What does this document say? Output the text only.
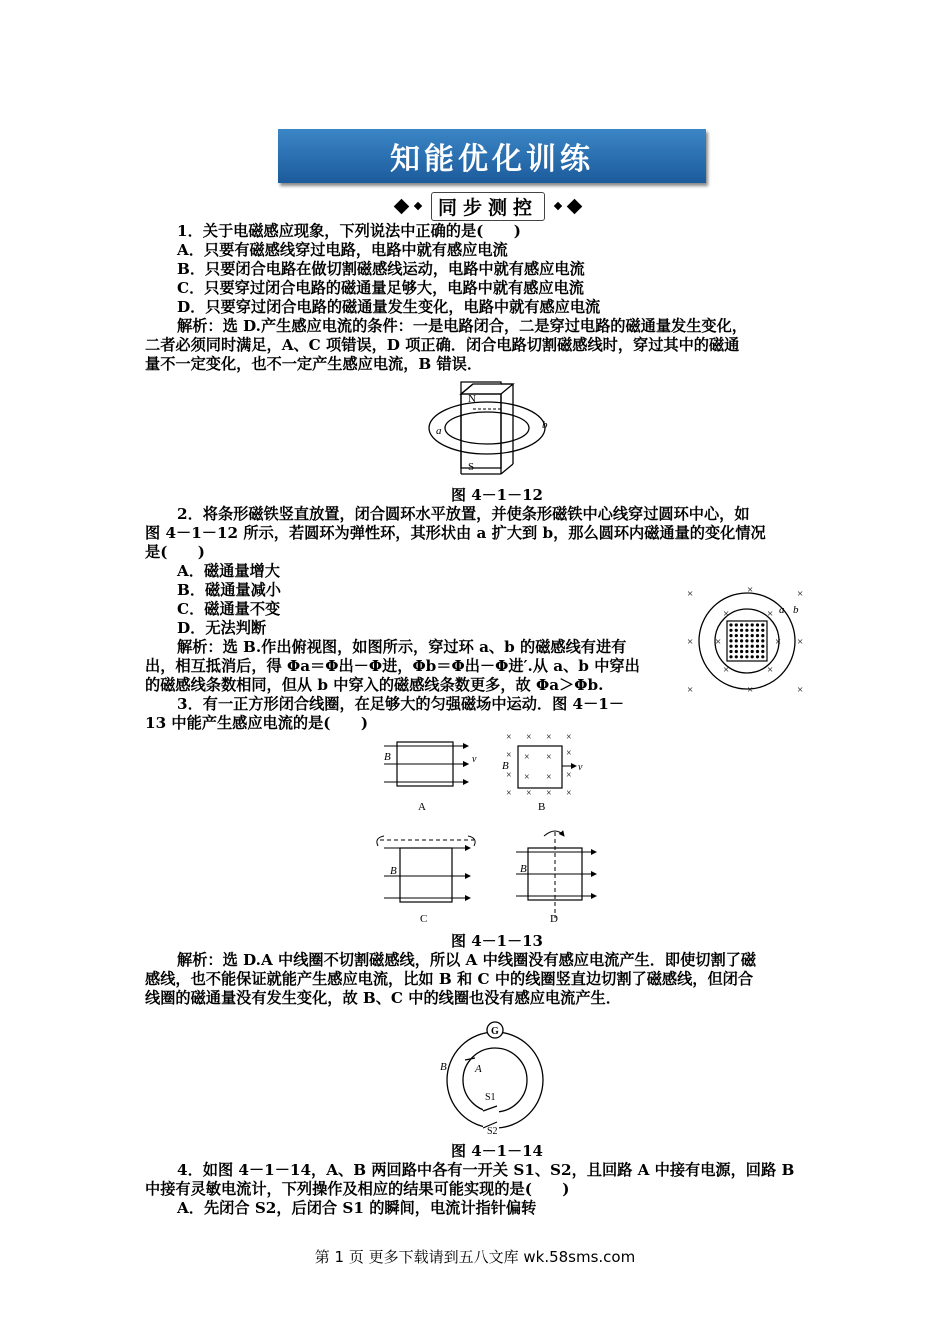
知能优化训练
同步测控
1．关于电磁感应现象，下列说法中正确的是(　　)
A．只要有磁感线穿过电路，电路中就有感应电流
B．只要闭合电路在做切割磁感线运动，电路中就有感应电流
C．只要穿过闭合电路的磁通量足够大，电路中就有感应电流
D．只要穿过闭合电路的磁通量发生变化，电路中就有感应电流
解析：选 D.产生感应电流的条件：一是电路闭合，二是穿过电路的磁通量发生变化，
二者必须同时满足，A、C 项错误，D 项正确．闭合电路切割磁感线时，穿过其中的磁通
量不一定变化，也不一定产生感应电流，B 错误．
N
S
a	b
图 4－1－12
2．将条形磁铁竖直放置，闭合圆环水平放置，并使条形磁铁中心线穿过圆环中心，如
图 4－1－12 所示，若圆环为弹性环，其形状由 a 扩大到 b，那么圆环内磁通量的变化情况
是(　　)
A．磁通量增大
B．磁通量减小
C．磁通量不变
D．无法判断
解析：选 B.作出俯视图，如图所示，穿过环 a、b 的磁感线有进有
出，相互抵消后，得 Φa＝Φ出－Φ进，Φb＝Φ出－Φ进′.从 a、b 中穿出
的磁感线条数相同，但从 b 中穿入的磁感线条数更多，故 Φa＞Φb.
×	×	×
×	×
×	×	×
×	×
×	×
×	×
b
a
3．有一正方形闭合线圈，在足够大的匀强磁场中运动．图 4－1－
13 中能产生感应电流的是(　　)
B	v
A
× × × ×
× × × ×
× ×
× ×
×
×
×
×
B	v
B
B
C
B
D
图 4－1－13
解析：选 D.A 中线圈不切割磁感线，所以 A 中线圈没有感应电流产生．即使切割了磁
感线，也不能保证就能产生感应电流，比如 B 和 C 中的线圈竖直边切割了磁感线，但闭合
线圈的磁通量没有发生变化，故 B、C 中的线圈也没有感应电流产生．
G
B	A
S1
S2
图 4－1－14
4．如图 4－1－14，A、B 两回路中各有一开关 S1、S2，且回路 A 中接有电源，回路 B
中接有灵敏电流计，下列操作及相应的结果可能实现的是(　　)
A．先闭合 S2，后闭合 S1 的瞬间，电流计指针偏转
第 1 页 更多下载请到五八文库 wk.58sms.com
